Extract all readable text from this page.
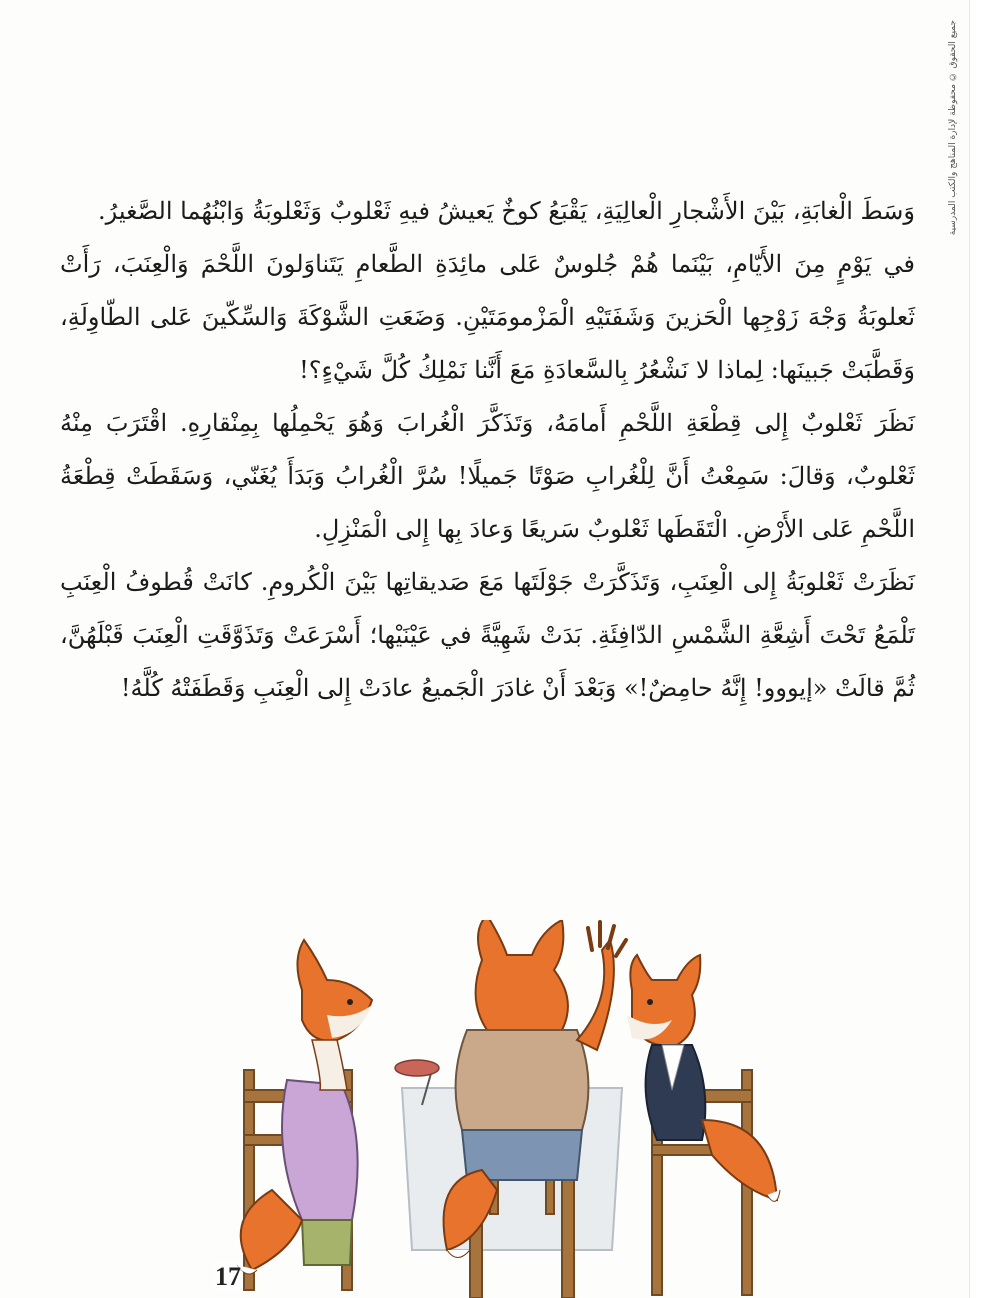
جميع الحقوق © محفوظة لإدارة المناهج والكتب المدرسية

وَسَطَ الْغابَةِ، بَيْنَ الأَشْجارِ الْعالِيَةِ، يَقْبَعُ كوخٌ يَعيشُ فيهِ ثَعْلوبٌ وَثَعْلوبَةُ وَابْنُهُما الصَّغيرُ.

في يَوْمٍ مِنَ الأَيّامِ، بَيْنَما هُمْ جُلوسٌ عَلى مائِدَةِ الطَّعامِ يَتَناوَلونَ اللَّحْمَ وَالْعِنَبَ، رَأَتْ ثَعلوبَةُ وَجْهَ زَوْجِها الْحَزينَ وَشَفَتَيْهِ الْمَزْمومَتَيْنِ. وَضَعَتِ الشَّوْكَةَ وَالسِّكّينَ عَلى الطّاوِلَةِ، وَقَطَّبَتْ جَبينَها: لِماذا لا نَشْعُرُ بِالسَّعادَةِ مَعَ أَنَّنا نَمْلِكُ كُلَّ شَيْءٍ؟!

نَظَرَ ثَعْلوبٌ إِلى قِطْعَةِ اللَّحْمِ أَمامَهُ، وَتَذَكَّرَ الْغُرابَ وَهُوَ يَحْمِلُها بِمِنْقارِهِ. اقْتَرَبَ مِنْهُ ثَعْلوبٌ، وَقالَ: سَمِعْتُ أَنَّ لِلْغُرابِ صَوْتًا جَميلًا! سُرَّ الْغُرابُ وَبَدَأَ يُغَنّي، وَسَقَطَتْ قِطْعَةُ اللَّحْمِ عَلى الأَرْضِ. الْتَقَطَها ثَعْلوبٌ سَريعًا وَعادَ بِها إِلى الْمَنْزِلِ.

نَظَرَتْ ثَعْلوبَةُ إِلى الْعِنَبِ، وَتَذَكَّرَتْ جَوْلَتَها مَعَ صَديقاتِها بَيْنَ الْكُرومِ. كانَتْ قُطوفُ الْعِنَبِ تَلْمَعُ تَحْتَ أَشِعَّةِ الشَّمْسِ الدّافِئَةِ. بَدَتْ شَهِيَّةً في عَيْنَيْها؛ أَسْرَعَتْ وَتَذَوَّقَتِ الْعِنَبَ قَبْلَهُنَّ، ثُمَّ قالَتْ «إيووو! إِنَّهُ حامِضٌ!» وَبَعْدَ أَنْ غادَرَ الْجَميعُ عادَتْ إِلى الْعِنَبِ وَقَطَفَتْهُ كُلَّهُ!

17
